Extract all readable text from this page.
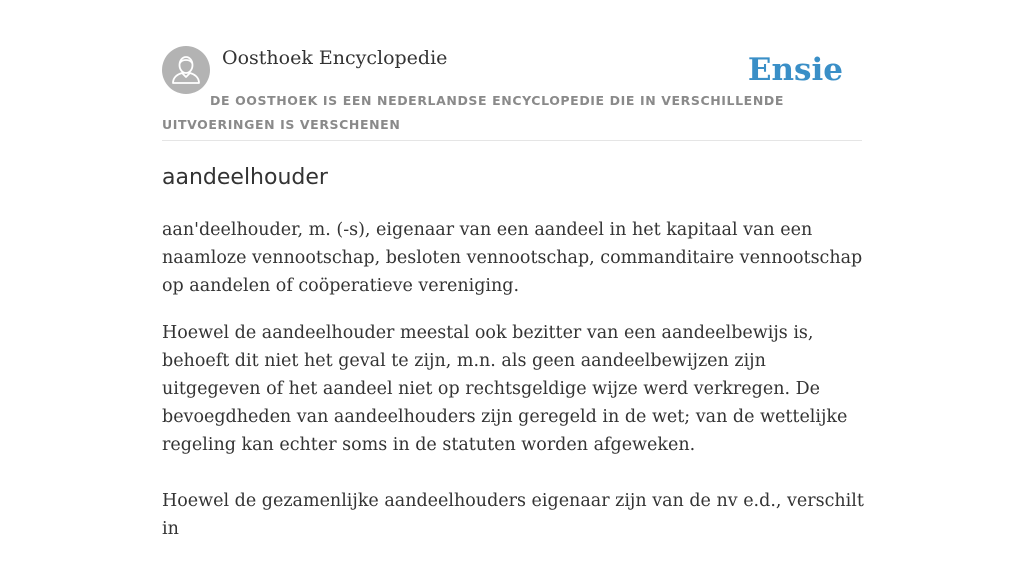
Oosthoek Encyclopedie	Ensie
DE OOSTHOEK IS EEN NEDERLANDSE ENCYCLOPEDIE DIE IN VERSCHILLENDE UITVOERINGEN IS VERSCHENEN
aandeelhouder

aan'deelhouder, m. (-s), eigenaar van een aandeel in het kapitaal van een naamloze vennootschap, besloten vennootschap, commanditaire vennootschap op aandelen of coöperatieve vereniging.

Hoewel de aandeelhouder meestal ook bezitter van een aandeelbewijs is, behoeft dit niet het geval te zijn, m.n. als geen aandeelbewijzen zijn uitgegeven of het aandeel niet op rechtsgeldige wijze werd verkregen. De bevoegdheden van aandeelhouders zijn geregeld in de wet; van de wettelijke regeling kan echter soms in de statuten worden afgeweken.

Hoewel de gezamenlijke aandeelhouders eigenaar zijn van de nv e.d., verschilt in
